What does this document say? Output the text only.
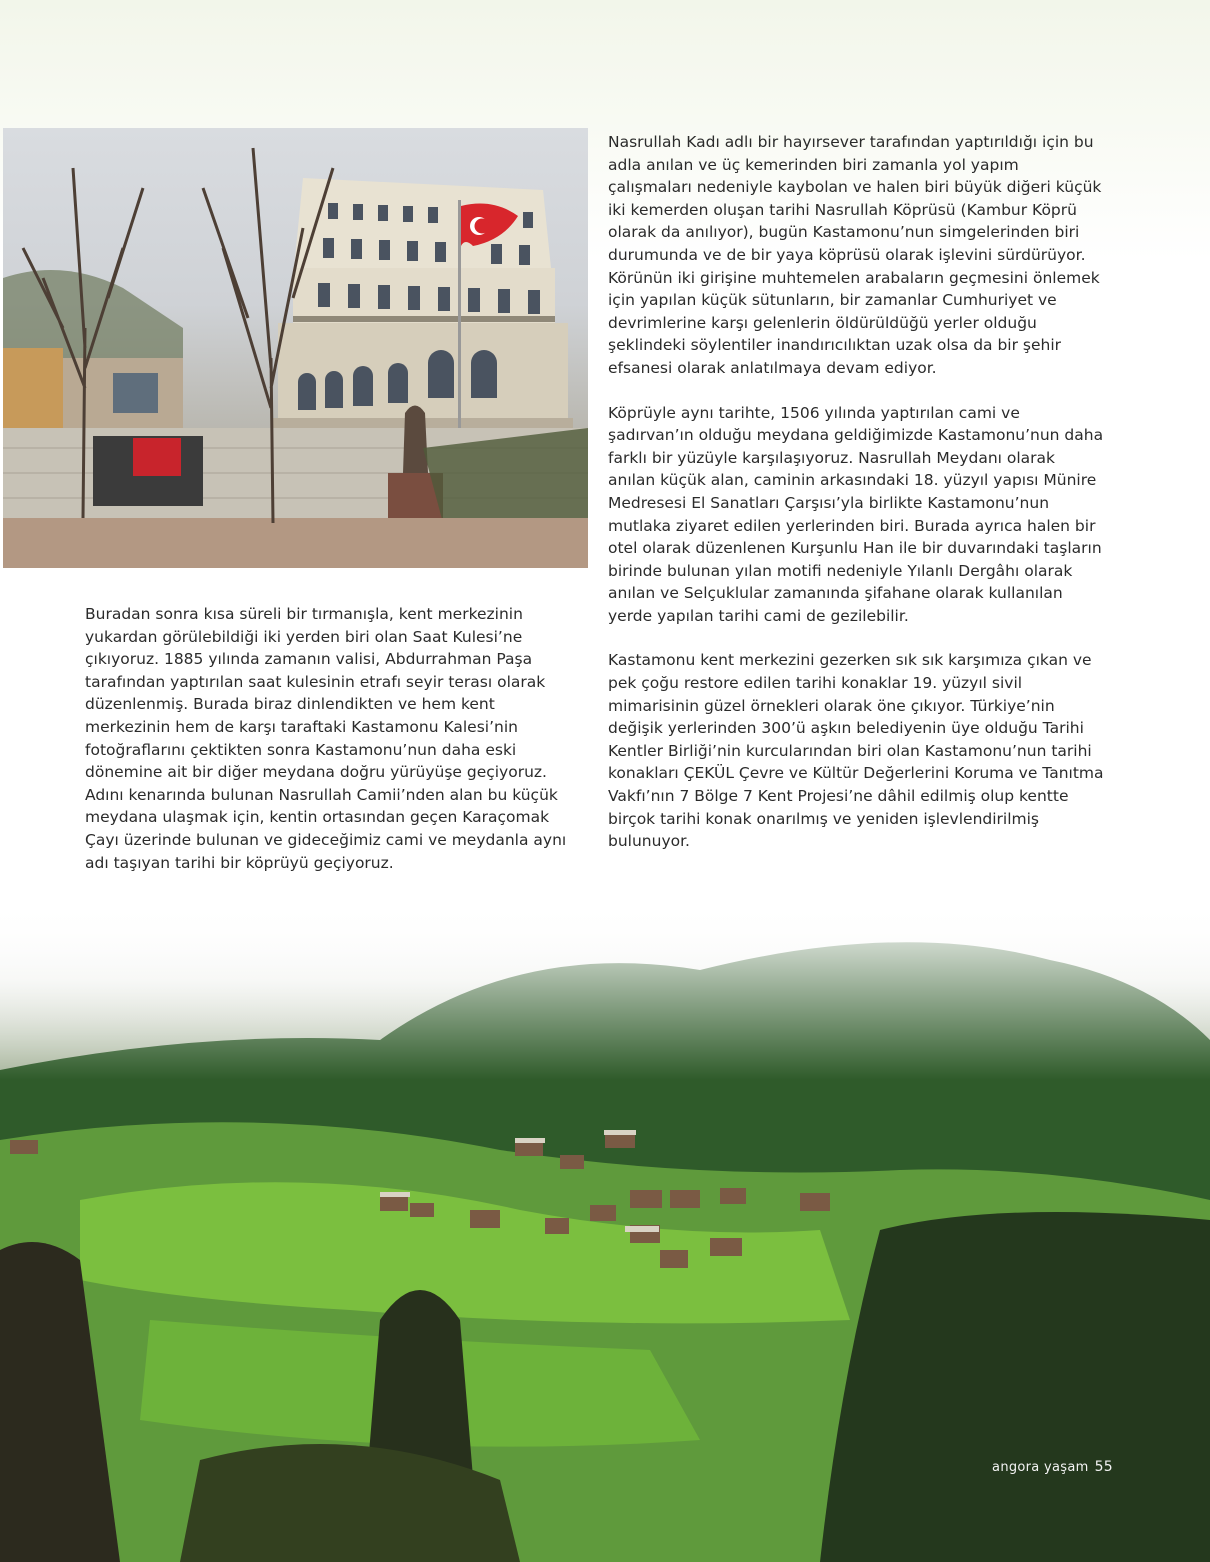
Nasrullah Kadı adlı bir hayırsever tarafından yaptırıldığı için bu adla anılan ve üç kemerinden biri zamanla yol yapım çalışmaları nedeniyle kaybolan ve halen biri büyük diğeri küçük iki kemerden oluşan tarihi Nasrullah Köprüsü (Kambur Köprü olarak da anılıyor), bugün Kastamonu’nun simgelerinden biri durumunda ve de bir yaya köprüsü olarak işlevini sürdürüyor. Körünün iki girişine muhtemelen arabaların geçmesini önlemek için yapılan küçük sütunların, bir zamanlar Cumhuriyet ve devrimlerine karşı gelenlerin öldürüldüğü yerler olduğu şeklindeki söylentiler inandırıcılıktan uzak olsa da bir şehir efsanesi olarak anlatılmaya devam ediyor.

Köprüyle aynı tarihte, 1506 yılında yaptırılan cami ve şadırvan’ın olduğu meydana geldiğimizde Kastamonu’nun daha farklı bir yüzüyle karşılaşıyoruz. Nasrullah Meydanı olarak anılan küçük alan, caminin arkasındaki 18. yüzyıl yapısı Münire Medresesi El Sanatları Çarşısı’yla birlikte Kastamonu’nun mutlaka ziyaret edilen yerlerinden biri. Burada ayrıca halen bir otel olarak düzenlenen Kurşunlu Han ile bir duvarındaki taşların birinde bulunan yılan motifi nedeniyle Yılanlı Dergâhı olarak anılan ve Selçuklular zamanında şifahane olarak kullanılan yerde yapılan tarihi cami de gezilebilir.

Kastamonu kent merkezini gezerken sık sık karşımıza çıkan ve pek çoğu restore edilen tarihi konaklar 19. yüzyıl sivil mimarisinin güzel örnekleri olarak öne çıkıyor. Türkiye’nin değişik yerlerinden 300’ü aşkın belediyenin üye olduğu Tarihi Kentler Birliği’nin kurcularından biri olan Kastamonu’nun tarihi konakları ÇEKÜL Çevre ve Kültür Değerlerini Koruma ve Tanıtma Vakfı’nın 7 Bölge 7 Kent Projesi’ne dâhil edilmiş olup kentte birçok tarihi konak onarılmış ve yeniden işlevlendirilmiş bulunuyor.

Buradan sonra kısa süreli bir tırmanışla, kent merkezinin yukardan görülebildiği iki yerden biri olan Saat Kulesi’ne çıkıyoruz. 1885 yılında zamanın valisi, Abdurrahman Paşa tarafından yaptırılan saat kulesinin etrafı seyir terası olarak düzenlenmiş. Burada biraz dinlendikten ve hem kent merkezinin hem de karşı taraftaki Kastamonu Kalesi’nin fotoğraflarını çektikten sonra Kastamonu’nun daha eski dönemine ait bir diğer meydana doğru yürüyüşe geçiyoruz. Adını kenarında bulunan Nasrullah Camii’nden alan bu küçük meydana ulaşmak için, kentin ortasından geçen Karaçomak Çayı üzerinde bulunan ve gideceğimiz cami ve meydanla aynı adı taşıyan tarihi bir köprüyü geçiyoruz.

angora yaşam 55
